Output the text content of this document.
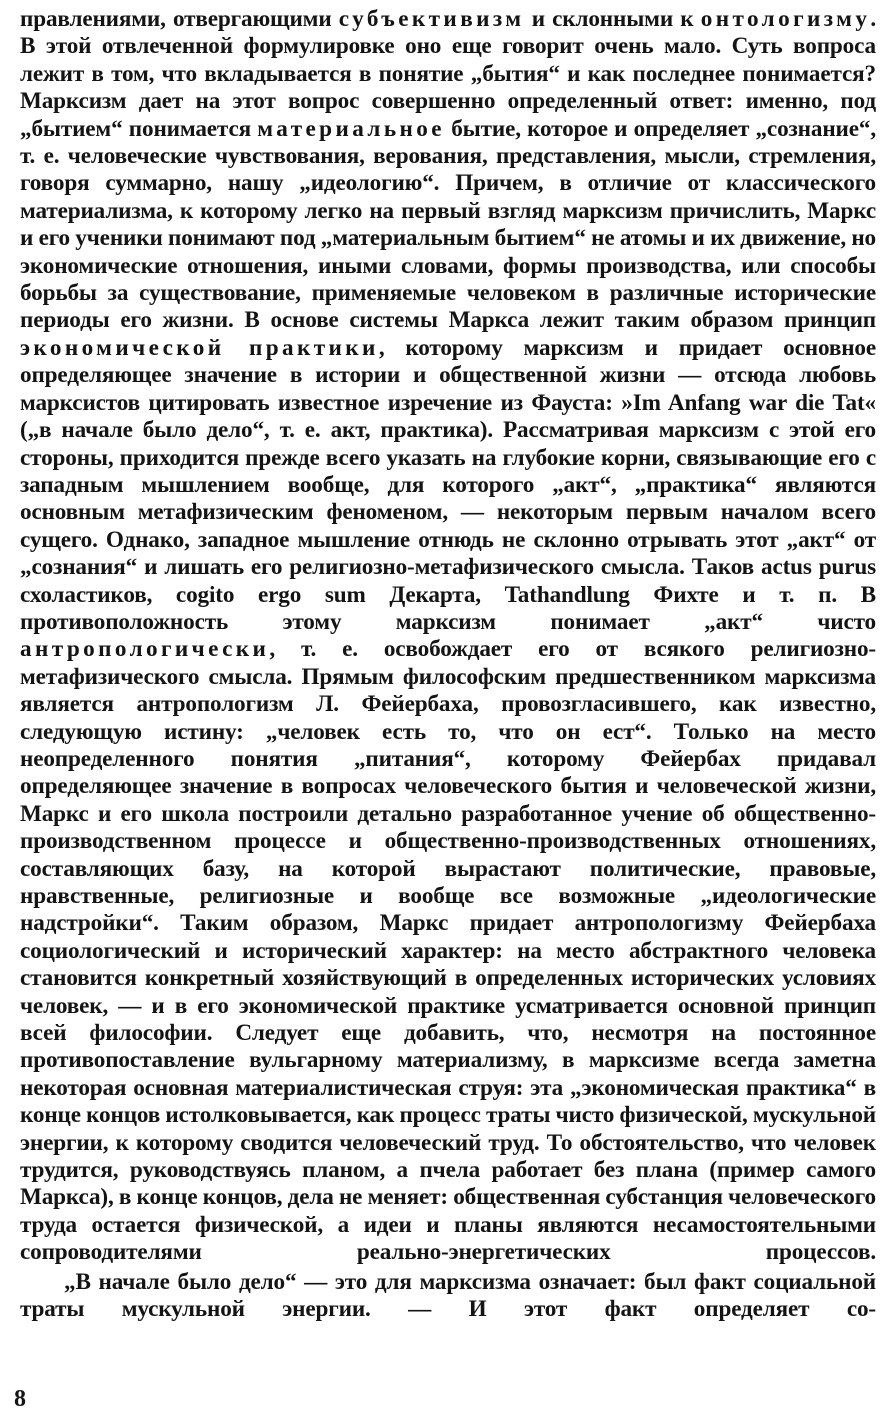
правлениями, отвергающими субъективизм и склонными к онтологизму. В этой отвлеченной формулировке оно еще говорит очень мало. Суть вопроса лежит в том, что вкладывается в понятие „бытия“ и как последнее понимается? Марксизм дает на этот вопрос совершенно определенный ответ: именно, под „бытием“ понимается материальное бытие, которое и определяет „сознание“, т. е. человеческие чувствования, верования, представления, мысли, стремления, говоря суммарно, нашу „идеологию“. Причем, в отличие от классического материализма, к которому легко на первый взгляд марксизм причислить, Маркс и его ученики понимают под „материальным бытием“ не атомы и их движение, но экономические отношения, иными словами, формы производства, или способы борьбы за существование, применяемые человеком в различные исторические периоды его жизни. В основе системы Маркса лежит таким образом принцип экономической практики, которому марксизм и придает основное определяющее значение в истории и общественной жизни — отсюда любовь марксистов цитировать известное изречение из Фауста: »Im Anfang war die Tat« („в начале было дело“, т. е. акт, практика). Рассматривая марксизм с этой его стороны, приходится прежде всего указать на глубокие корни, связывающие его с западным мышлением вообще, для которого „акт“, „практика“ являются основным метафизическим феноменом, — некоторым первым началом всего сущего. Однако, западное мышление отнюдь не склонно отрывать этот „акт“ от „сознания“ и лишать его религиозно-метафизического смысла. Таков actus purus схоластиков, cogito ergo sum Декарта, Tathandlung Фихте и т. п. В противоположность этому марксизм понимает „акт“ чисто антропологически, т. е. освобождает его от всякого религиозно-метафизического смысла. Прямым философским предшественником марксизма является антропологизм Л. Фейербаха, провозгласившего, как известно, следующую истину: „человек есть то, что он ест“. Только на место неопределенного понятия „питания“, которому Фейербах придавал определяющее значение в вопросах человеческого бытия и человеческой жизни, Маркс и его школа построили детально разработанное учение об общественно-производственном процессе и общественно-производственных отношениях, составляющих базу, на которой вырастают политические, правовые, нравственные, религиозные и вообще все возможные „идеологические надстройки“. Таким образом, Маркс придает антропологизму Фейербаха социологический и исторический характер: на место абстрактного человека становится конкретный хозяйствующий в определенных исторических условиях человек, — и в его экономической практике усматривается основной принцип всей философии. Следует еще добавить, что, несмотря на постоянное противопоставление вульгарному материализму, в марксизме всегда заметна некоторая основная материалистическая струя: эта „экономическая практика“ в конце концов истолковывается, как процесс траты чисто физической, мускульной энергии, к которому сводится человеческий труд. То обстоятельство, что человек трудится, руководствуясь планом, а пчела работает без плана (пример самого Маркса), в конце концов, дела не меняет: общественная субстанция человеческого труда остается физической, а идеи и планы являются несамостоятельными сопроводителями реально-энергетических процессов.

„В начале было дело“ — это для марксизма означает: был факт социальной траты мускульной энергии. — И этот факт определяет со-

8
